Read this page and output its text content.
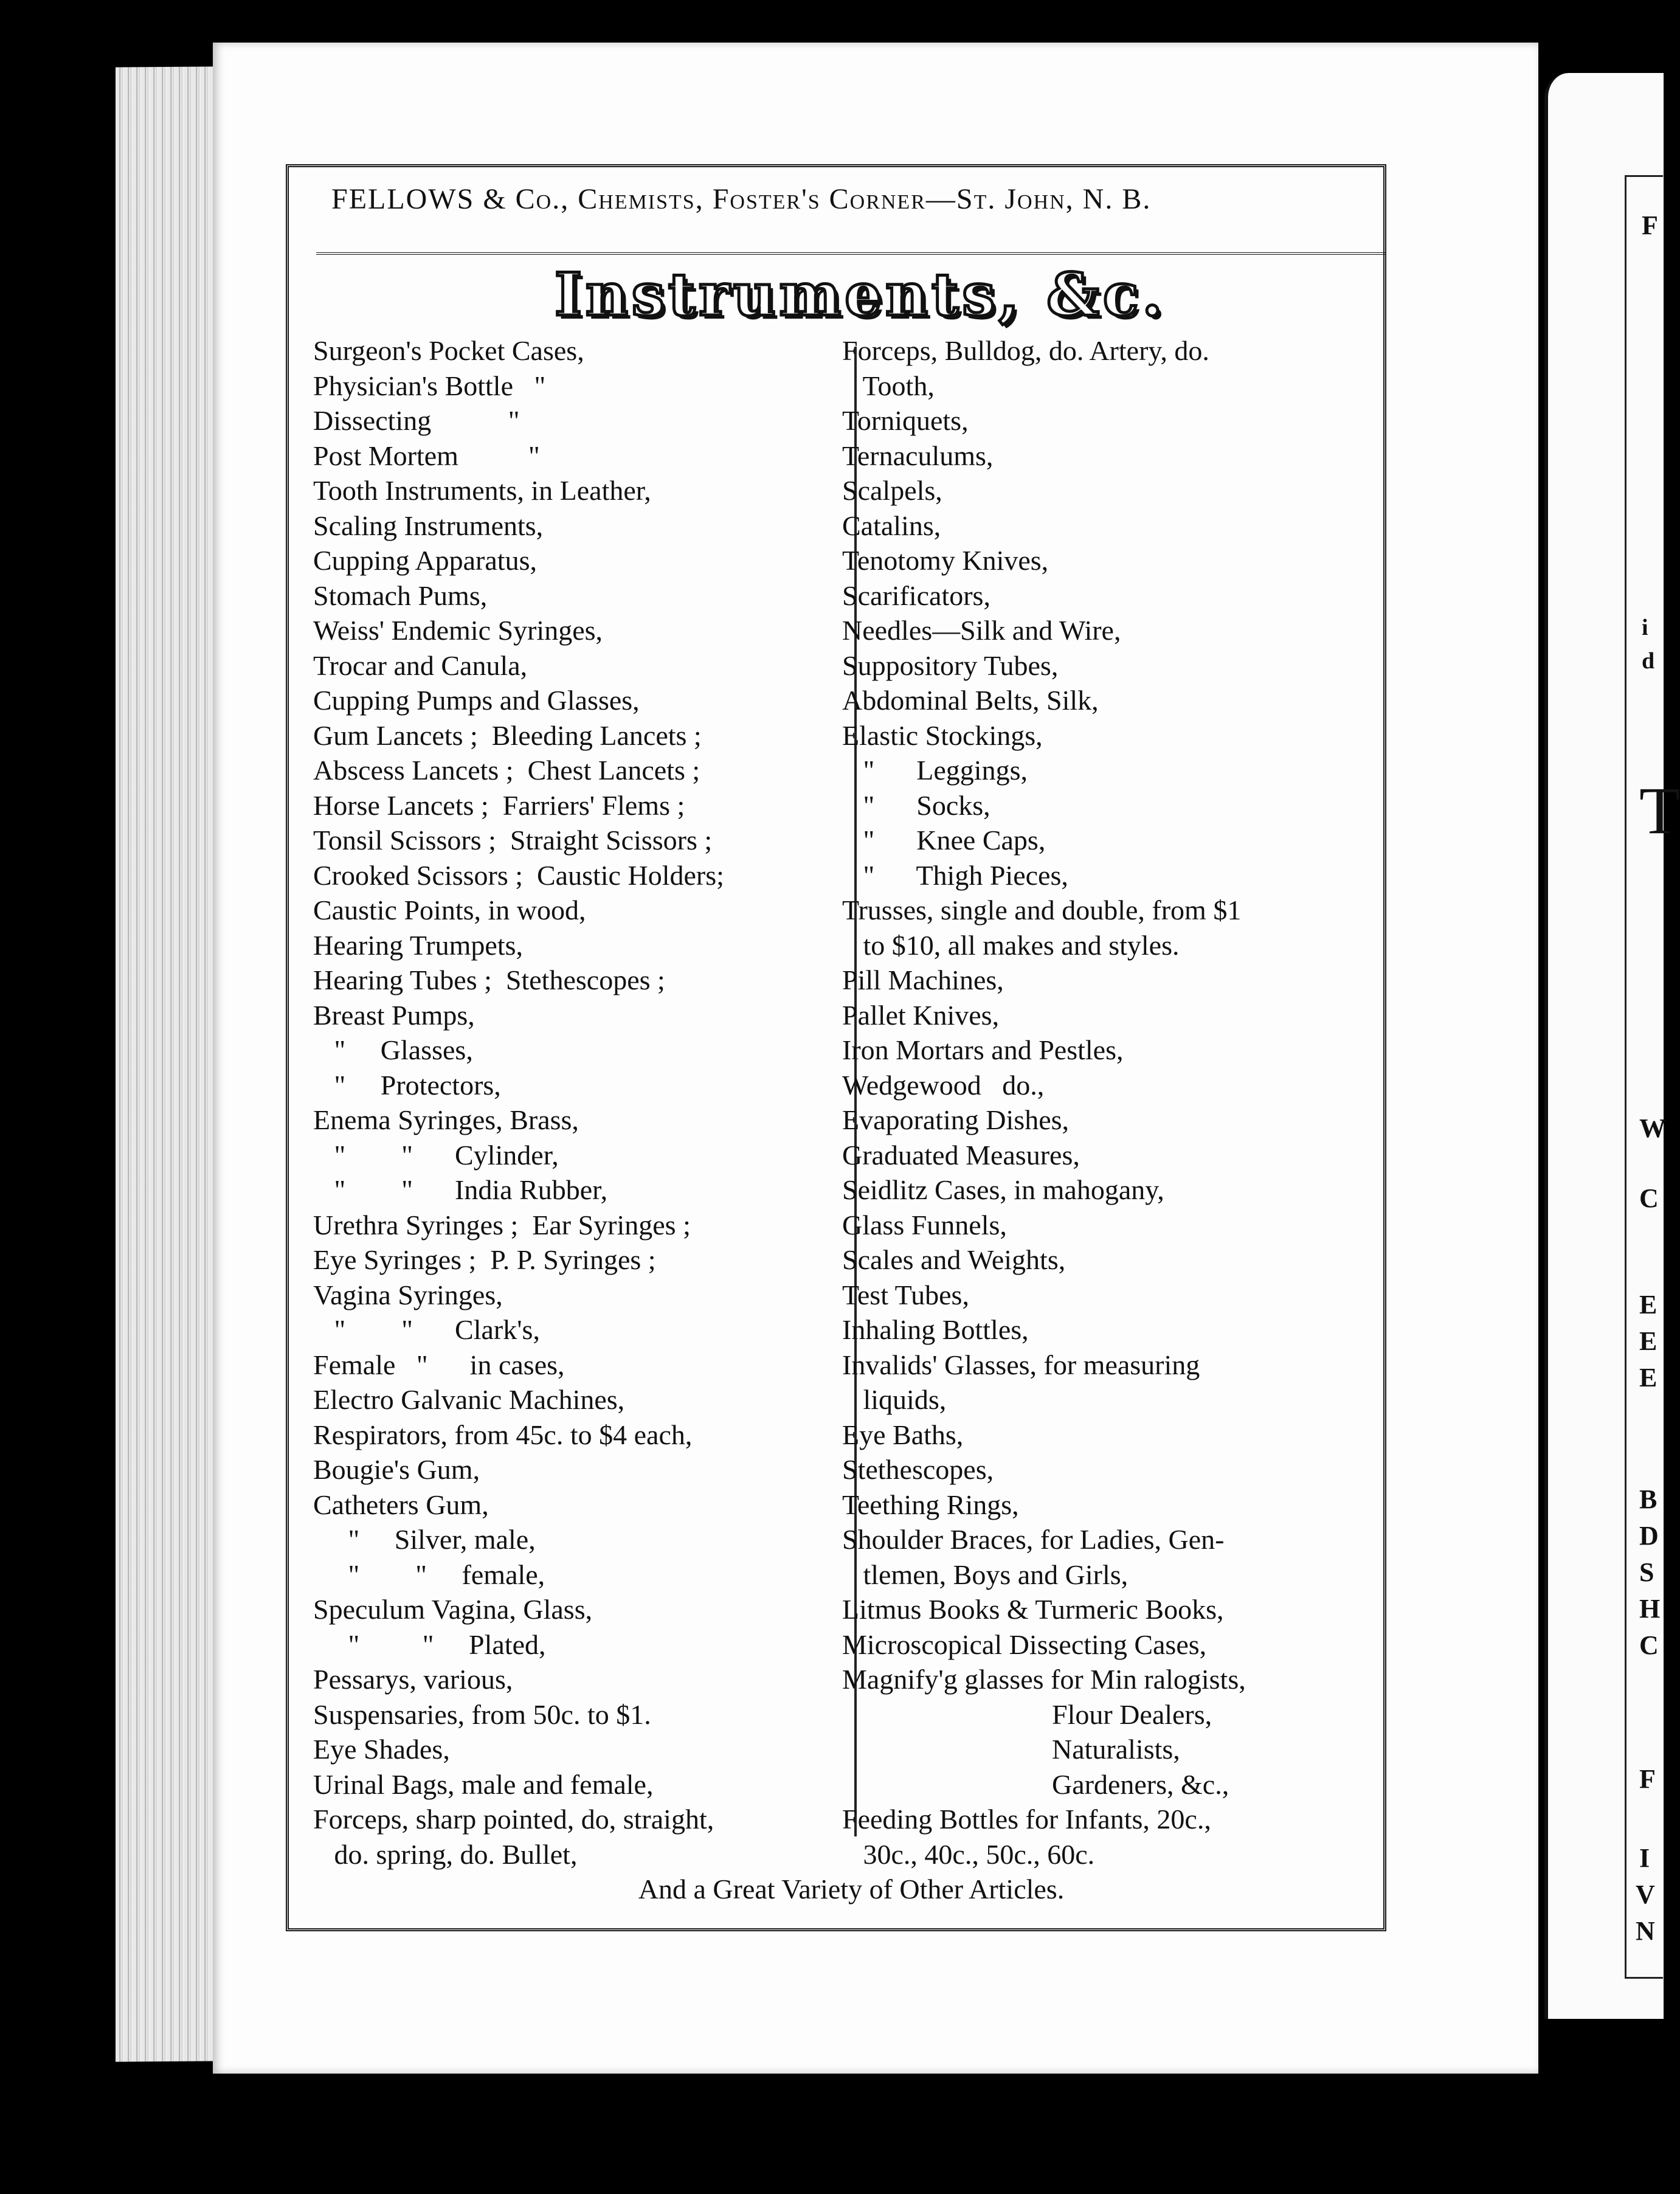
F
i
d
T
W
C
E
E
E
B
D
S
H
C
F
I
V
N
FELLOWS & Co., Chemists, Foster's Corner—St. John, N. B.
Instruments, &c.
Surgeon's Pocket Cases,
Physician's Bottle   "
Dissecting           "
Post Mortem          "
Tooth Instruments, in Leather,
Scaling Instruments,
Cupping Apparatus,
Stomach Pums,
Weiss' Endemic Syringes,
Trocar and Canula,
Cupping Pumps and Glasses,
Gum Lancets ;  Bleeding Lancets ;
Abscess Lancets ;  Chest Lancets ;
Horse Lancets ;  Farriers' Flems ;
Tonsil Scissors ;  Straight Scissors ;
Crooked Scissors ;  Caustic Holders;
Caustic Points, in wood,
Hearing Trumpets,
Hearing Tubes ;  Stethescopes ;
Breast Pumps,
"     Glasses,
"     Protectors,
Enema Syringes, Brass,
"        "      Cylinder,
"        "      India Rubber,
Urethra Syringes ;  Ear Syringes ;
Eye Syringes ;  P. P. Syringes ;
Vagina Syringes,
"        "      Clark's,
Female   "      in cases,
Electro Galvanic Machines,
Respirators, from 45c. to $4 each,
Bougie's Gum,
Catheters Gum,
"     Silver, male,
"        "     female,
Speculum Vagina, Glass,
"         "     Plated,
Pessarys, various,
Suspensaries, from 50c. to $1.
Eye Shades,
Urinal Bags, male and female,
Forceps, sharp pointed, do, straight,
do. spring, do. Bullet,
Forceps, Bulldog, do. Artery, do.
Tooth,
Torniquets,
Ternaculums,
Scalpels,
Catalins,
Tenotomy Knives,
Scarificators,
Needles—Silk and Wire,
Suppository Tubes,
Abdominal Belts, Silk,
Elastic Stockings,
"      Leggings,
"      Socks,
"      Knee Caps,
"      Thigh Pieces,
Trusses, single and double, from $1
to $10, all makes and styles.
Pill Machines,
Pallet Knives,
Iron Mortars and Pestles,
Wedgewood   do.,
Evaporating Dishes,
Graduated Measures,
Seidlitz Cases, in mahogany,
Glass Funnels,
Scales and Weights,
Test Tubes,
Inhaling Bottles,
Invalids' Glasses, for measuring
liquids,
Eye Baths,
Stethescopes,
Teething Rings,
Shoulder Braces, for Ladies, Gen-
tlemen, Boys and Girls,
Litmus Books & Turmeric Books,
Microscopical Dissecting Cases,
Magnify'g glasses for Min ralogists,
Flour Dealers,
Naturalists,
Gardeners, &c.,
Feeding Bottles for Infants, 20c.,
30c., 40c., 50c., 60c.
And a Great Variety of Other Articles.
